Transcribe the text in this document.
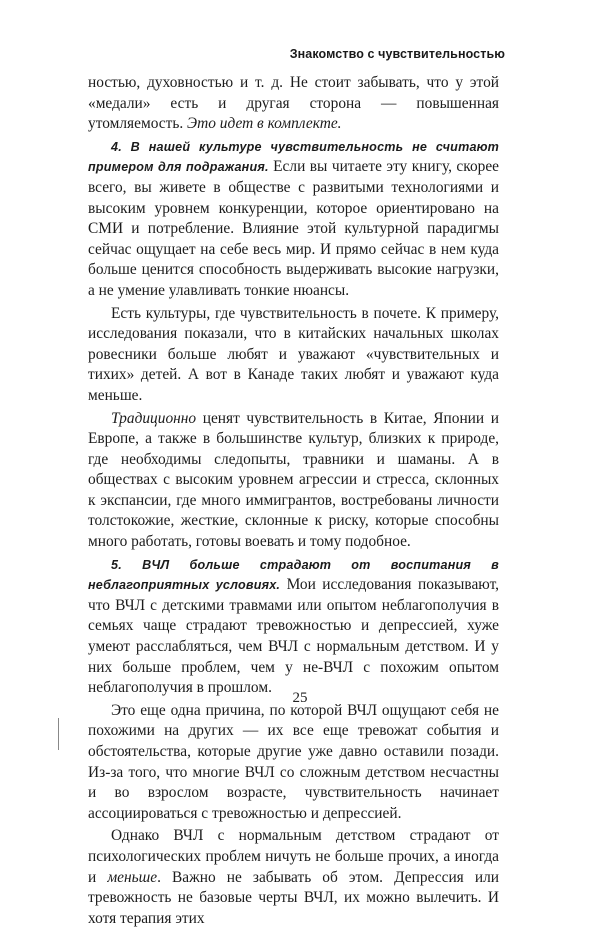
Знакомство с чувствительностью

ностью, духовностью и т. д. Не стоит забывать, что у этой «медали» есть и другая сторона — повышенная утомляемость. Это идет в комплекте.

4. В нашей культуре чувствительность не считают примером для подражания. Если вы читаете эту книгу, скорее всего, вы живете в обществе с развитыми технологиями и высоким уровнем конкуренции, которое ориентировано на СМИ и потребление. Влияние этой культурной парадигмы сейчас ощущает на себе весь мир. И прямо сейчас в нем куда больше ценится способность выдерживать высокие нагрузки, а не умение улавливать тонкие нюансы.

Есть культуры, где чувствительность в почете. К примеру, исследования показали, что в китайских начальных школах ровесники больше любят и уважают «чувствительных и тихих» детей. А вот в Канаде таких любят и уважают куда меньше.

Традиционно ценят чувствительность в Китае, Японии и Европе, а также в большинстве культур, близких к природе, где необходимы следопыты, травники и шаманы. А в обществах с высоким уровнем агрессии и стресса, склонных к экспансии, где много иммигрантов, востребованы личности толстокожие, жесткие, склонные к риску, которые способны много работать, готовы воевать и тому подобное.

5. ВЧЛ больше страдают от воспитания в неблагоприятных условиях. Мои исследования показывают, что ВЧЛ с детскими травмами или опытом неблагополучия в семьях чаще страдают тревожностью и депрессией, хуже умеют расслабляться, чем ВЧЛ с нормальным детством. И у них больше проблем, чем у не-ВЧЛ с похожим опытом неблагополучия в прошлом.

Это еще одна причина, по которой ВЧЛ ощущают себя не похожими на других — их все еще тревожат события и обстоятельства, которые другие уже давно оставили позади. Из-за того, что многие ВЧЛ со сложным детством несчастны и во взрослом возрасте, чувствительность начинает ассоциироваться с тревожностью и депрессией.

Однако ВЧЛ с нормальным детством страдают от психологических проблем ничуть не больше прочих, а иногда и меньше. Важно не забывать об этом. Депрессия или тревожность не базовые черты ВЧЛ, их можно вылечить. И хотя терапия этих

25
